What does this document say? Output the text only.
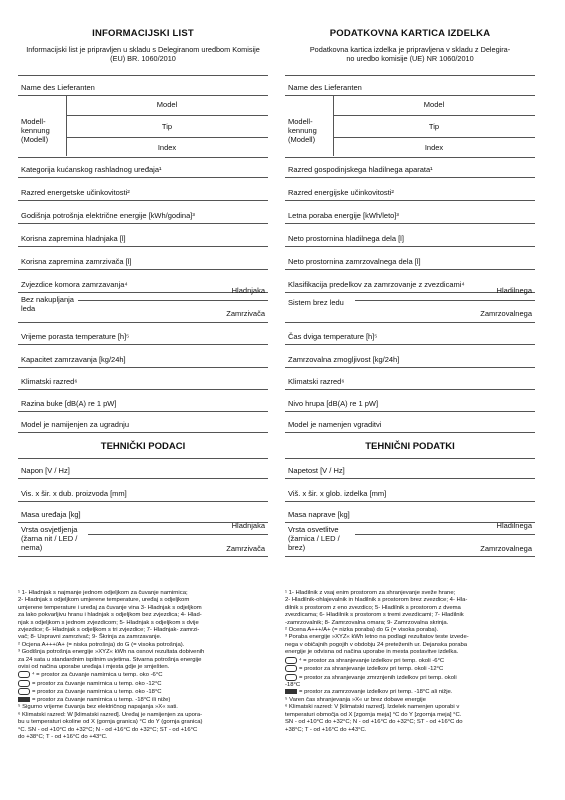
INFORMACIJSKI LIST
Informacijski list je pripravljen u skladu s Delegiranom uredbom Komisije (EU) BR. 1060/2010
Name des Lieferanten
Modell-
kennung
(Modell)
Model
Tip
Index
Kategorija kućanskog rashladnog uređaja¹
Razred energetske učinkovitosti²
Godišnja potrošnja električne energije [kWh/godina]³
Korisna zapremina hladnjaka [l]
Korisna zapremina zamrzivača [l]
Zvjezdice komora zamrzavanja⁴
Bez nakupljanja
leda
Hladnjaka
Zamrzivača
Vrijeme porasta temperature [h]⁵
Kapacitet zamrzavanja [kg/24h]
Klimatski razred⁶
Razina buke [dB(A) re 1 pW]
Model je namijenjen za ugradnju
TEHNIČKI PODACI
Napon [V / Hz]
Vis. x šir. x dub. proizvoda [mm]
Masa uređaja [kg]
Vrsta osvjetljenja
(žarna nit / LED /
nema)
Hladnjaka
Zamrzivača
¹ 1- Hladnjak s najmanje jednom odjeljkom za čuvanje namirnica;
2- Hladnjak s odjeljkom umjerene temperature, uređaj s odjeljkom
umjerene temperature i uređaj za čuvanje vina 3- Hladnjak s odjeljkom
za lako pokvarljivu hranu i hladnjak s odjeljkom bez zvjezdica; 4- Hlad-
njak s odjeljkom s jednom zvjezdicom; 5- Hladnjak s odjeljkom s dvije
zvjezdice; 6- Hladnjak s odjeljkom s tri zvjezdice; 7- Hladnjak- zamrzi-
vač; 8- Uspravni zamrzivač; 9- Škrinja za zamrzavanje.
² Ocjena A+++/A+ (= niska potrošnja) do G (= visoka potrošnja).
³ Godišnja potrošnja energije »XYZ« kWh na osnovi rezultata dobivenih
za 24 sata u standardnim ispitnim uvjetima. Stvarna potrošnja energije
ovisi od načina uporabe uređaja i mjesta gdje je smješten.
⁴ = prostor za čuvanje namirnica u temp. oko -6°C
= prostor za čuvanje namirnica u temp. oko -12°C
= prostor za čuvanje namirnica u temp. oko -18°C
= prostor za čuvanje namirnica u temp. -18°C ili niže)
⁵ Sigurno vrijeme čuvanja bez električnog napajanja »X« sati.
⁶ Klimatski razred: W [klimatski razred]. Uređaj je namijenjen za upora-
bu u temperaturi okoline od X (gornja granica) °C do Y (gornja granica)
°C. SN - od +10°C do +32°C; N - od +16°C do +32°C; ST - od +16°C
do +38°C; T - od +16°C do +43°C.
PODATKOVNA KARTICA IZDELKA
Podatkovna kartica izdelka je pripravljena v skladu z Delegira-
no uredbo komisije (UE) NR 1060/2010
Name des Lieferanten
Modell-
kennung
(Modell)
Model
Tip
Index
Razred gospodinjskega hladilnega aparata¹
Razred energijske učinkovitosti²
Letna poraba energije [kWh/leto]³
Neto prostornina hladilnega dela [l]
Neto prostornina zamrzovalnega dela [l]
Klasifikacija predelkov za zamrzovanje z zvezdicami⁴
Sistem brez ledu
Hladilnega
Zamrzovalnega
Čas dviga temperature [h]⁵
Zamrzovalna zmogljivost [kg/24h]
Klimatski razred⁶
Nivo hrupa [dB(A) re 1 pW]
Model je namenjen vgraditvi
TEHNIČNI PODATKI
Napetost [V / Hz]
Viš. x šir. x glob. izdelka [mm]
Masa naprave [kg]
Vrsta osvetlitve
(žarnica / LED /
brez)
Hladilnega
Zamrzovalnega
¹ 1- Hladilnik z vsaj enim prostorom za shranjevanje sveže hrane;
2- Hladilnik-ohlajevalnik in hladilnik s prostorom brez zvezdice; 4- Hla-
dilnik s prostorom z eno zvezdico; 5- Hladilnik s prostorom z dvema
zvezdicama; 6- Hladilnik s prostorom s tremi zvezdicami; 7- Hladilnik
-zamrzovalnik; 8- Zamrzovalna omara; 9- Zamrzovalna skrinja.
² Ocena A+++/A+ (= nizka poraba) do G (= visoka poraba).
³ Poraba energije »XYZ« kWh letno na podlagi rezultatov teste izvede-
nega v običajnih pogojih v obdobju 24 preteženih ur. Dejanska poraba
energije je odvisna od načina uporabe in mesta postavitve izdelka.
⁴ = prostor za shranjevanje izdelkov pri temp. okoli -6°C
= prostor za shranjevanje izdelkov pri temp. okoli -12°C
= prostor za shranjevanje zmrznjenih izdelkov pri temp. okoli
-18°C
= prostor za zamrzovanje izdelkov pri temp. -18°C ali nižje.
⁵ Varen čas shranjevanja »X« ur brez dobave energije
⁶ Klimatski razred: V [klimatski razred]. Izdelek namenjen uporabi v
temperaturi območja od X [zgornja meja] °C do Y [zgornja meja] °C.
SN - od +10°C do +32°C; N - od +16°C do +32°C; ST - od +16°C do
+38°C; T - od +16°C do +43°C.
